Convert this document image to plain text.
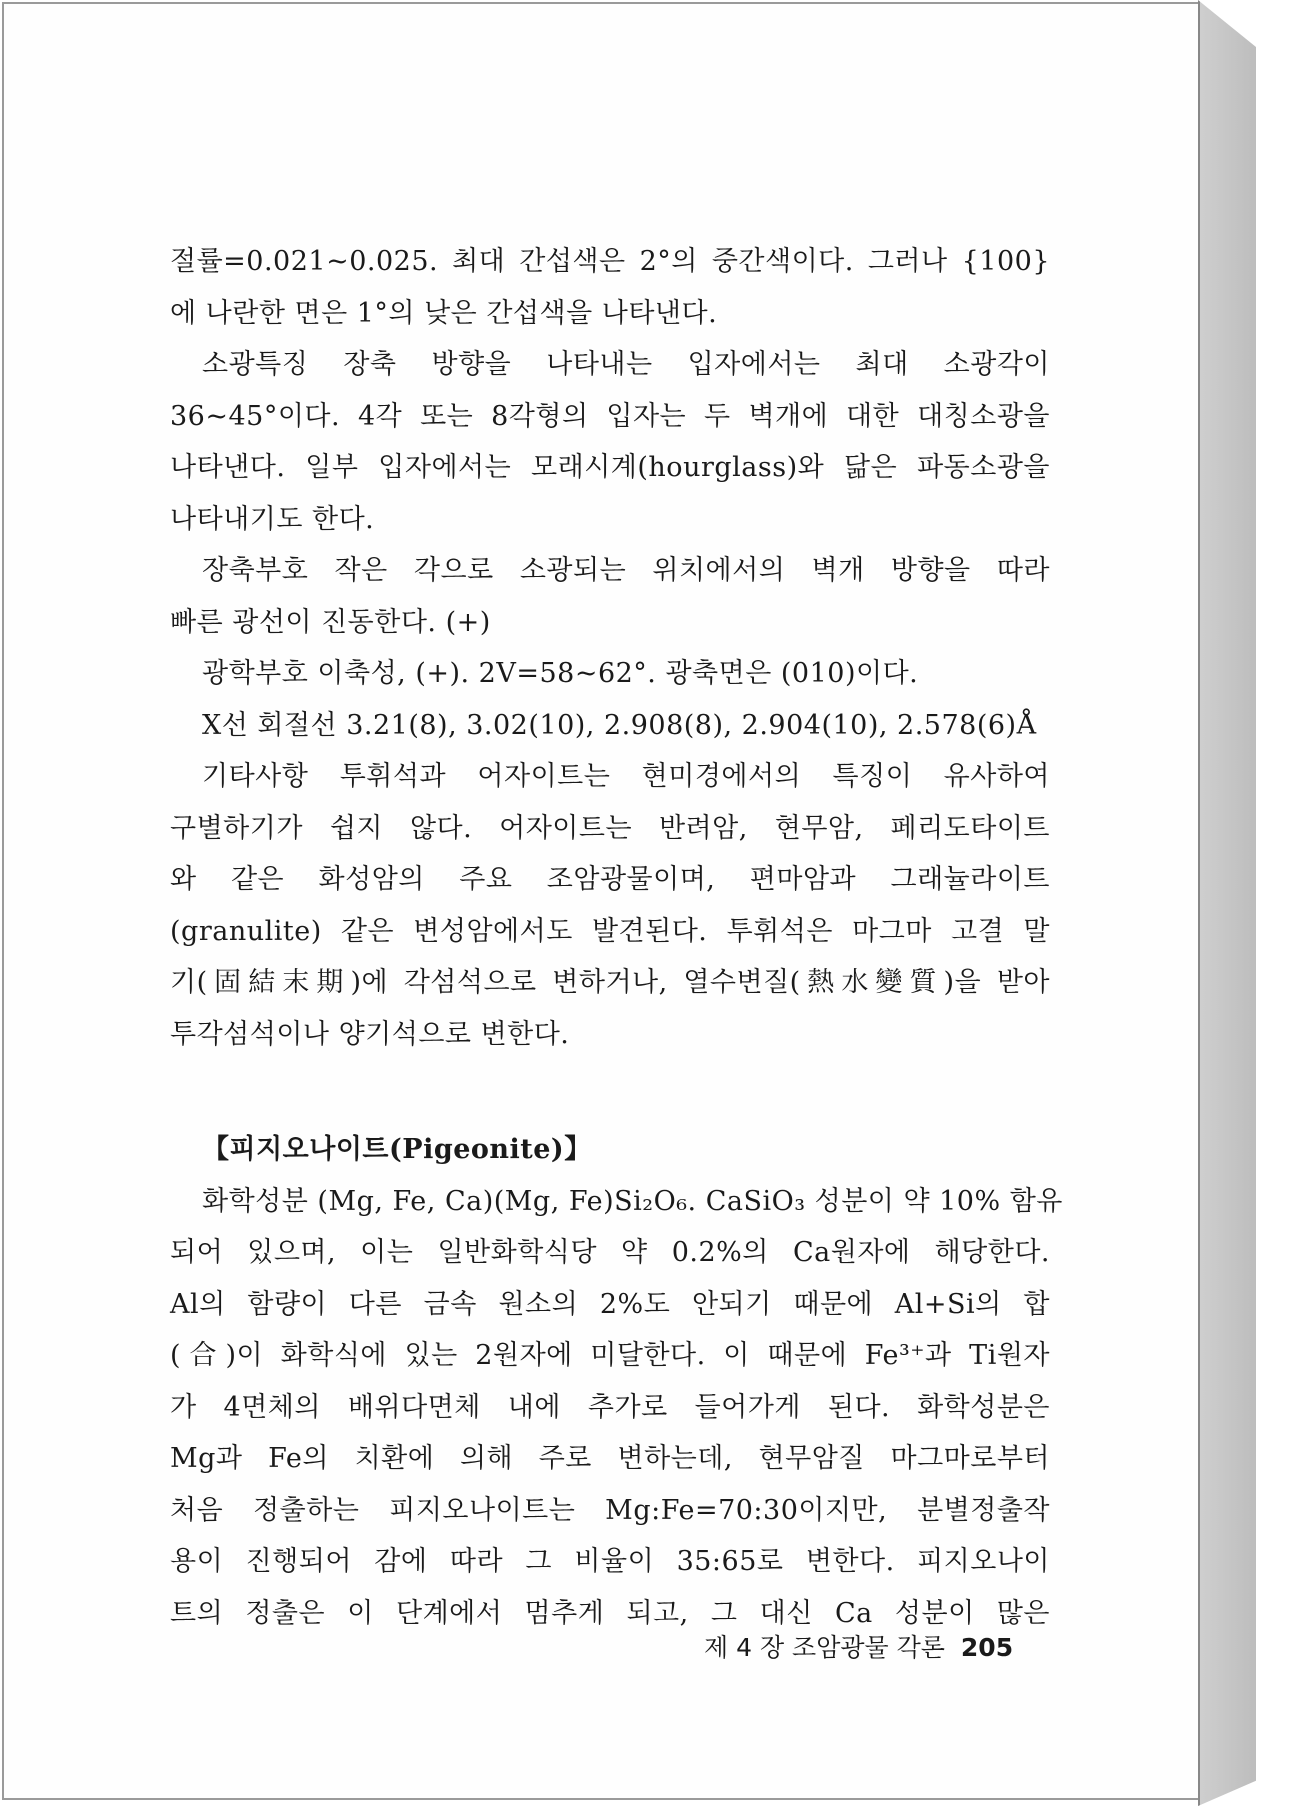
절률=0.021~0.025. 최대 간섭색은 2°의 중간색이다. 그러나 {100}
에 나란한 면은 1°의 낮은 간섭색을 나타낸다.
소광특징 장축 방향을 나타내는 입자에서는 최대 소광각이
36~45°이다. 4각 또는 8각형의 입자는 두 벽개에 대한 대칭소광을
나타낸다. 일부 입자에서는 모래시계(hourglass)와 닮은 파동소광을
나타내기도 한다.
장축부호 작은 각으로 소광되는 위치에서의 벽개 방향을 따라
빠른 광선이 진동한다. (+)
광학부호 이축성, (+). 2V=58~62°. 광축면은 (010)이다.
X선 회절선 3.21(8), 3.02(10), 2.908(8), 2.904(10), 2.578(6)Å
기타사항 투휘석과 어자이트는 현미경에서의 특징이 유사하여
구별하기가 쉽지 않다. 어자이트는 반려암, 현무암, 페리도타이트
와 같은 화성암의 주요 조암광물이며, 편마암과 그래뉼라이트
(granulite) 같은 변성암에서도 발견된다. 투휘석은 마그마 고결 말
기(固結末期)에 각섬석으로 변하거나, 열수변질(熱水變質)을 받아
투각섬석이나 양기석으로 변한다.
【피지오나이트(Pigeonite)】
화학성분 (Mg, Fe, Ca)(Mg, Fe)Si₂O₆. CaSiO₃ 성분이 약 10% 함유
되어 있으며, 이는 일반화학식당 약 0.2%의 Ca원자에 해당한다.
Al의 함량이 다른 금속 원소의 2%도 안되기 때문에 Al+Si의 합
(合)이 화학식에 있는 2원자에 미달한다. 이 때문에 Fe³⁺과 Ti원자
가 4면체의 배위다면체 내에 추가로 들어가게 된다. 화학성분은
Mg과 Fe의 치환에 의해 주로 변하는데, 현무암질 마그마로부터
처음 정출하는 피지오나이트는 Mg:Fe=70:30이지만, 분별정출작
용이 진행되어 감에 따라 그 비율이 35:65로 변한다. 피지오나이
트의 정출은 이 단계에서 멈추게 되고, 그 대신 Ca 성분이 많은
제 4 장 조암광물 각론 205
